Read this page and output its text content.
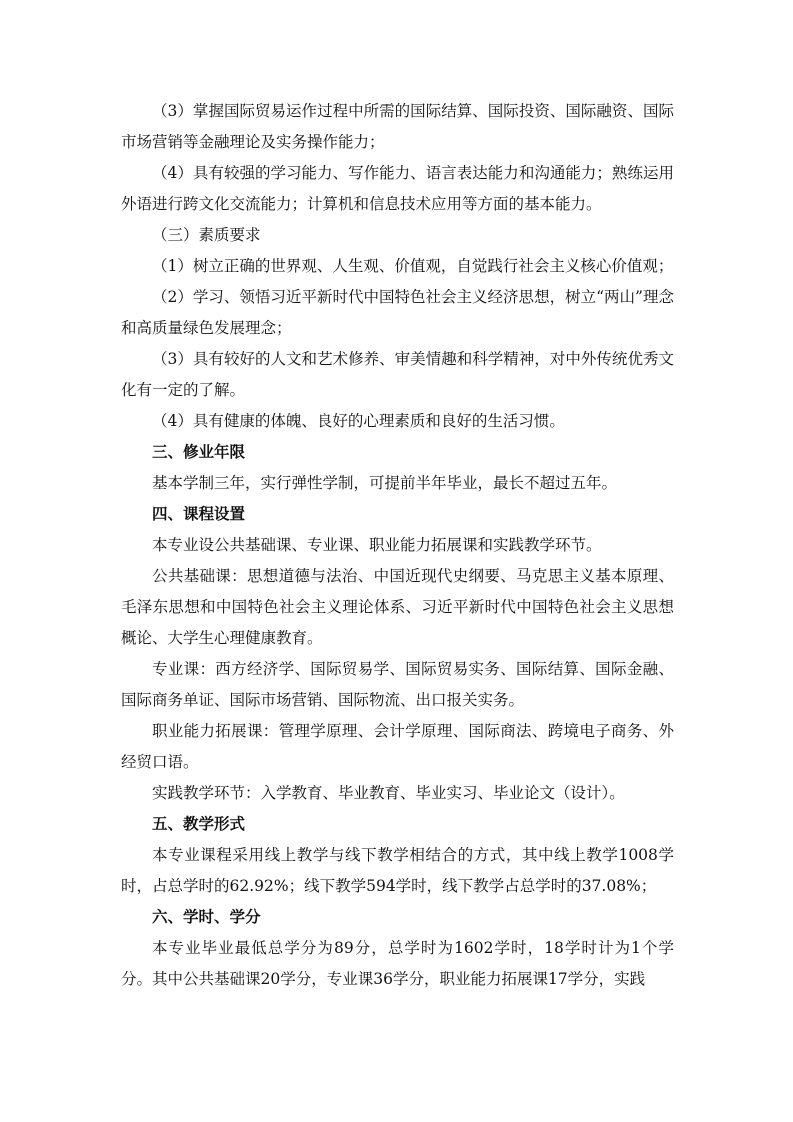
（3）掌握国际贸易运作过程中所需的国际结算、国际投资、国际融资、国际市场营销等金融理论及实务操作能力；

（4）具有较强的学习能力、写作能力、语言表达能力和沟通能力；熟练运用外语进行跨文化交流能力；计算机和信息技术应用等方面的基本能力。

（三）素质要求

（1）树立正确的世界观、人生观、价值观，自觉践行社会主义核心价值观；

（2）学习、领悟习近平新时代中国特色社会主义经济思想，树立“两山”理念和高质量绿色发展理念；

（3）具有较好的人文和艺术修养、审美情趣和科学精神，对中外传统优秀文化有一定的了解。

（4）具有健康的体魄、良好的心理素质和良好的生活习惯。

三、修业年限

基本学制三年，实行弹性学制，可提前半年毕业，最长不超过五年。

四、课程设置

本专业设公共基础课、专业课、职业能力拓展课和实践教学环节。

公共基础课：思想道德与法治、中国近现代史纲要、马克思主义基本原理、毛泽东思想和中国特色社会主义理论体系、习近平新时代中国特色社会主义思想概论、大学生心理健康教育。

专业课：西方经济学、国际贸易学、国际贸易实务、国际结算、国际金融、国际商务单证、国际市场营销、国际物流、出口报关实务。

职业能力拓展课：管理学原理、会计学原理、国际商法、跨境电子商务、外经贸口语。

实践教学环节：入学教育、毕业教育、毕业实习、毕业论文（设计）。

五、教学形式

本专业课程采用线上教学与线下教学相结合的方式，其中线上教学1008学时，占总学时的62.92%；线下教学594学时，线下教学占总学时的37.08%；

六、学时、学分

本专业毕业最低总学分为89分，总学时为1602学时，18学时计为1个学分。其中公共基础课20学分，专业课36学分，职业能力拓展课17学分，实践
